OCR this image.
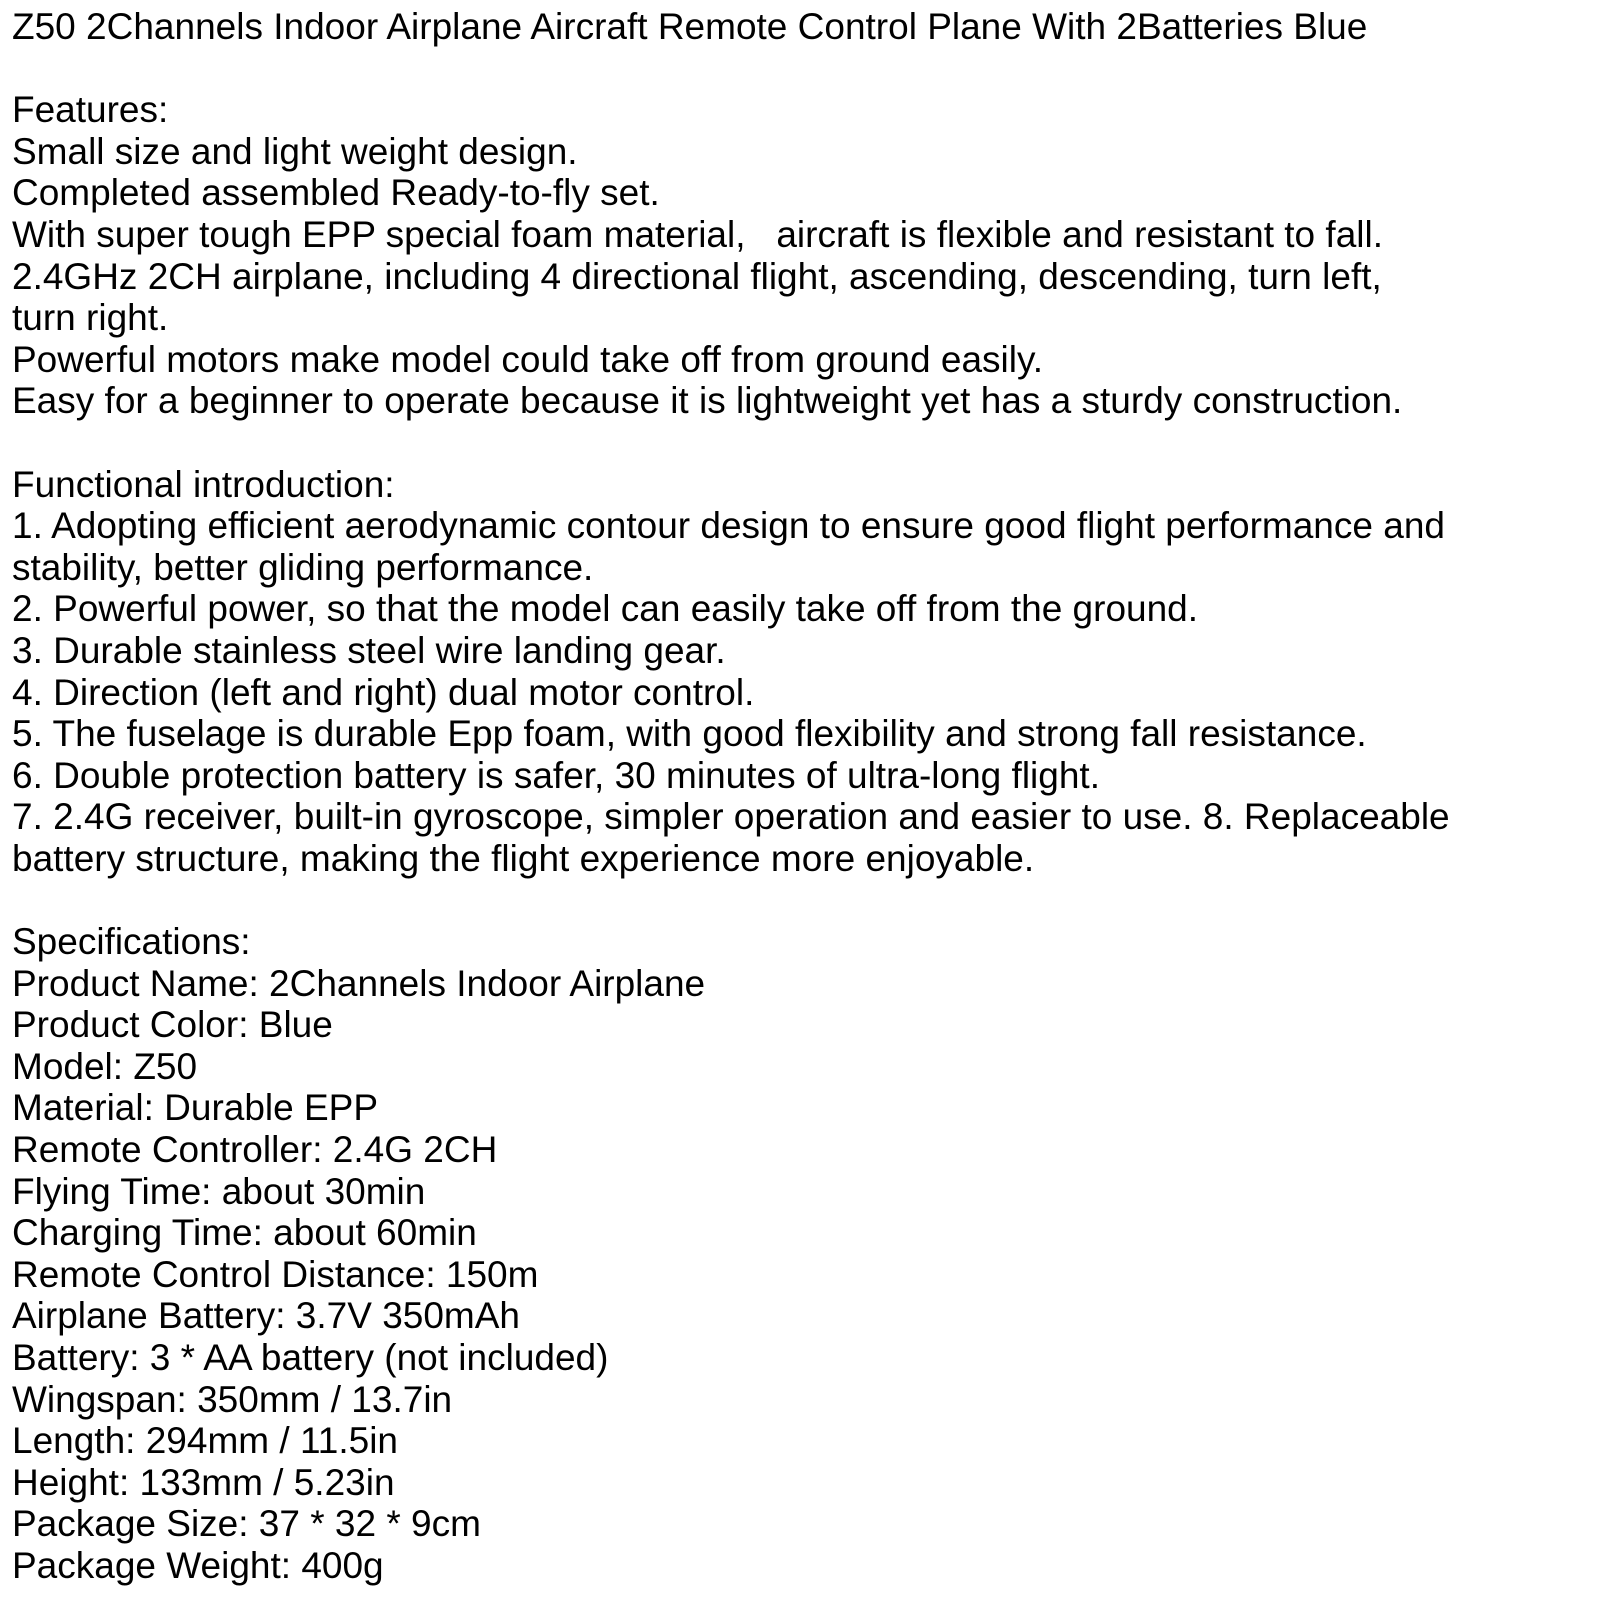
Z50 2Channels Indoor Airplane Aircraft Remote Control Plane With 2Batteries Blue
Features:
Small size and light weight design.
Completed assembled Ready-to-fly set.
With super tough EPP special foam material,   aircraft is flexible and resistant to fall.
2.4GHz 2CH airplane, including 4 directional flight, ascending, descending, turn left,
turn right.
Powerful motors make model could take off from ground easily.
Easy for a beginner to operate because it is lightweight yet has a sturdy construction.
Functional introduction:
1. Adopting efficient aerodynamic contour design to ensure good flight performance and
stability, better gliding performance.
2. Powerful power, so that the model can easily take off from the ground.
3. Durable stainless steel wire landing gear.
4. Direction (left and right) dual motor control.
5. The fuselage is durable Epp foam, with good flexibility and strong fall resistance.
6. Double protection battery is safer, 30 minutes of ultra-long flight.
7. 2.4G receiver, built-in gyroscope, simpler operation and easier to use. 8. Replaceable
battery structure, making the flight experience more enjoyable.
Specifications:
Product Name: 2Channels Indoor Airplane
Product Color: Blue
Model: Z50
Material: Durable EPP
Remote Controller: 2.4G 2CH
Flying Time: about 30min
Charging Time: about 60min
Remote Control Distance: 150m
Airplane Battery: 3.7V 350mAh
Battery: 3 * AA battery (not included)
Wingspan: 350mm / 13.7in
Length: 294mm / 11.5in
Height: 133mm / 5.23in
Package Size: 37 * 32 * 9cm
Package Weight: 400g
